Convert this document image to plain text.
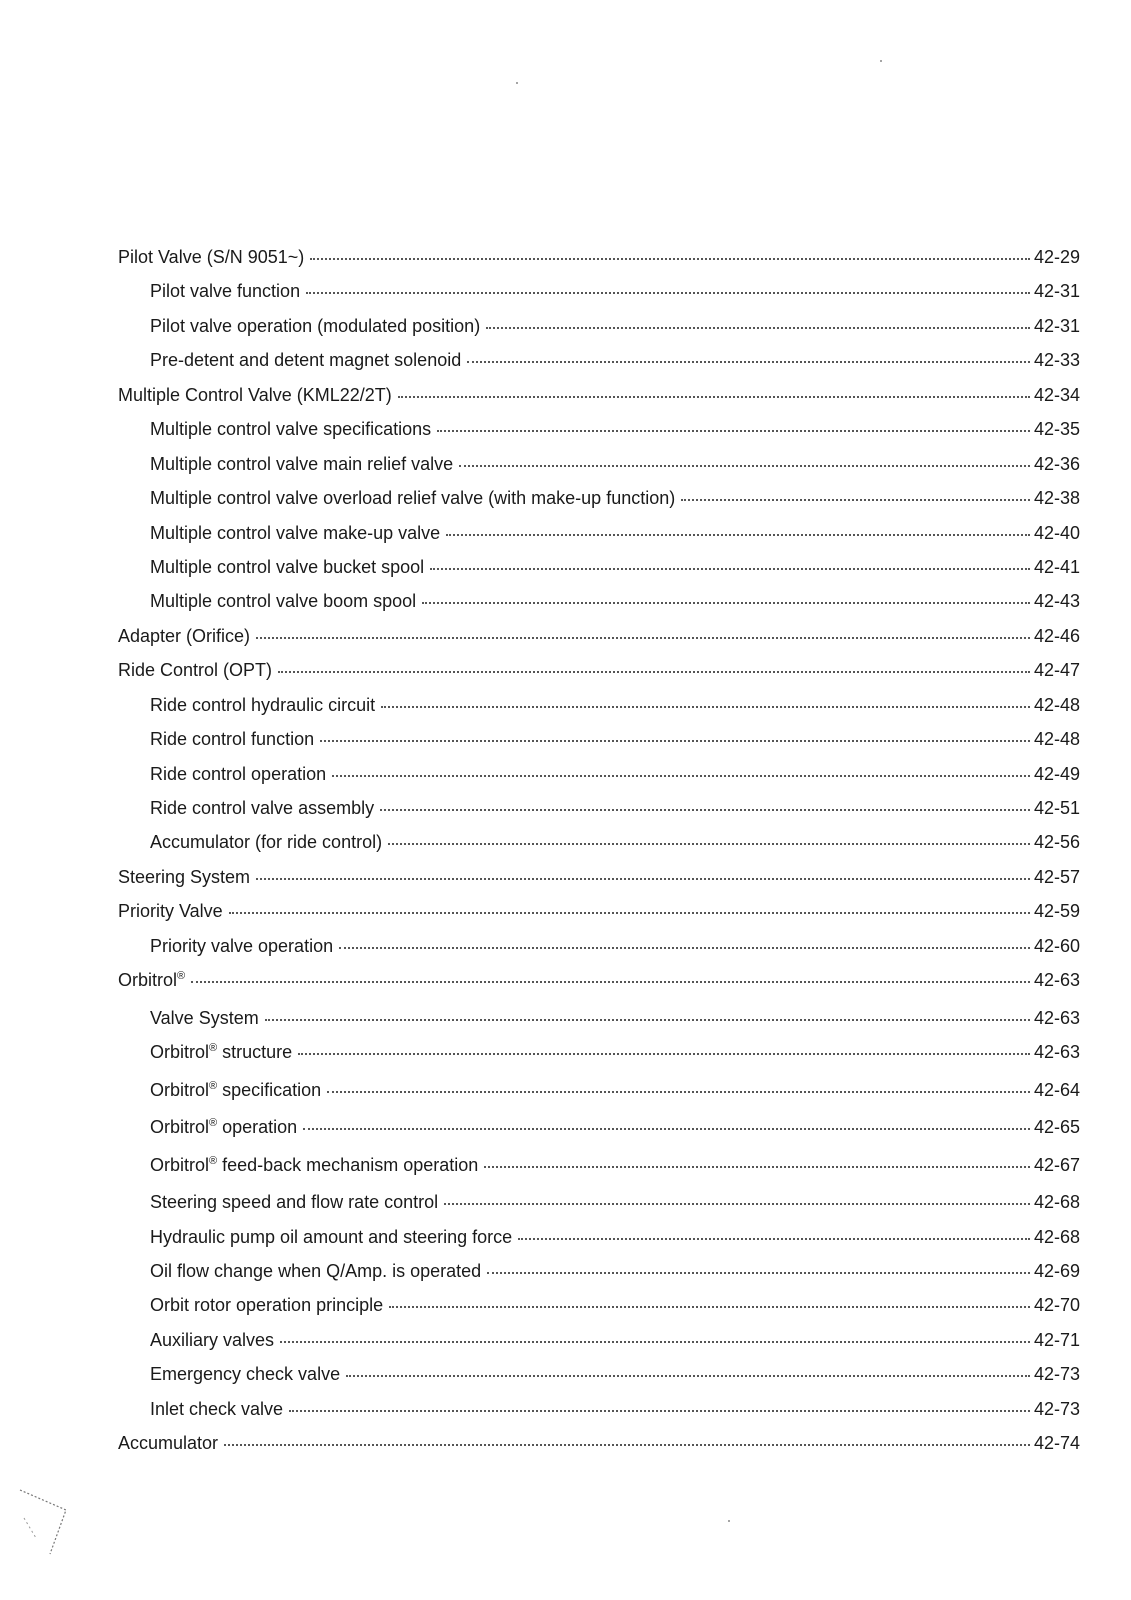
Pilot Valve (S/N 9051~)	42-29
Pilot valve function	42-31
Pilot valve operation (modulated position)	42-31
Pre-detent and detent magnet solenoid	42-33
Multiple Control Valve (KML22/2T)	42-34
Multiple control valve specifications	42-35
Multiple control valve main relief valve	42-36
Multiple control valve overload relief valve (with make-up function)	42-38
Multiple control valve make-up valve	42-40
Multiple control valve bucket spool	42-41
Multiple control valve boom spool	42-43
Adapter (Orifice)	42-46
Ride Control (OPT)	42-47
Ride control hydraulic circuit	42-48
Ride control function	42-48
Ride control operation	42-49
Ride control valve assembly	42-51
Accumulator (for ride control)	42-56
Steering System	42-57
Priority Valve	42-59
Priority valve operation	42-60
Orbitrol®	42-63
Valve System	42-63
Orbitrol® structure	42-63
Orbitrol® specification	42-64
Orbitrol® operation	42-65
Orbitrol® feed-back mechanism operation	42-67
Steering speed and flow rate control	42-68
Hydraulic pump oil amount and steering force	42-68
Oil flow change when Q/Amp. is operated	42-69
Orbit rotor operation principle	42-70
Auxiliary valves	42-71
Emergency check valve	42-73
Inlet check valve	42-73
Accumulator	42-74
